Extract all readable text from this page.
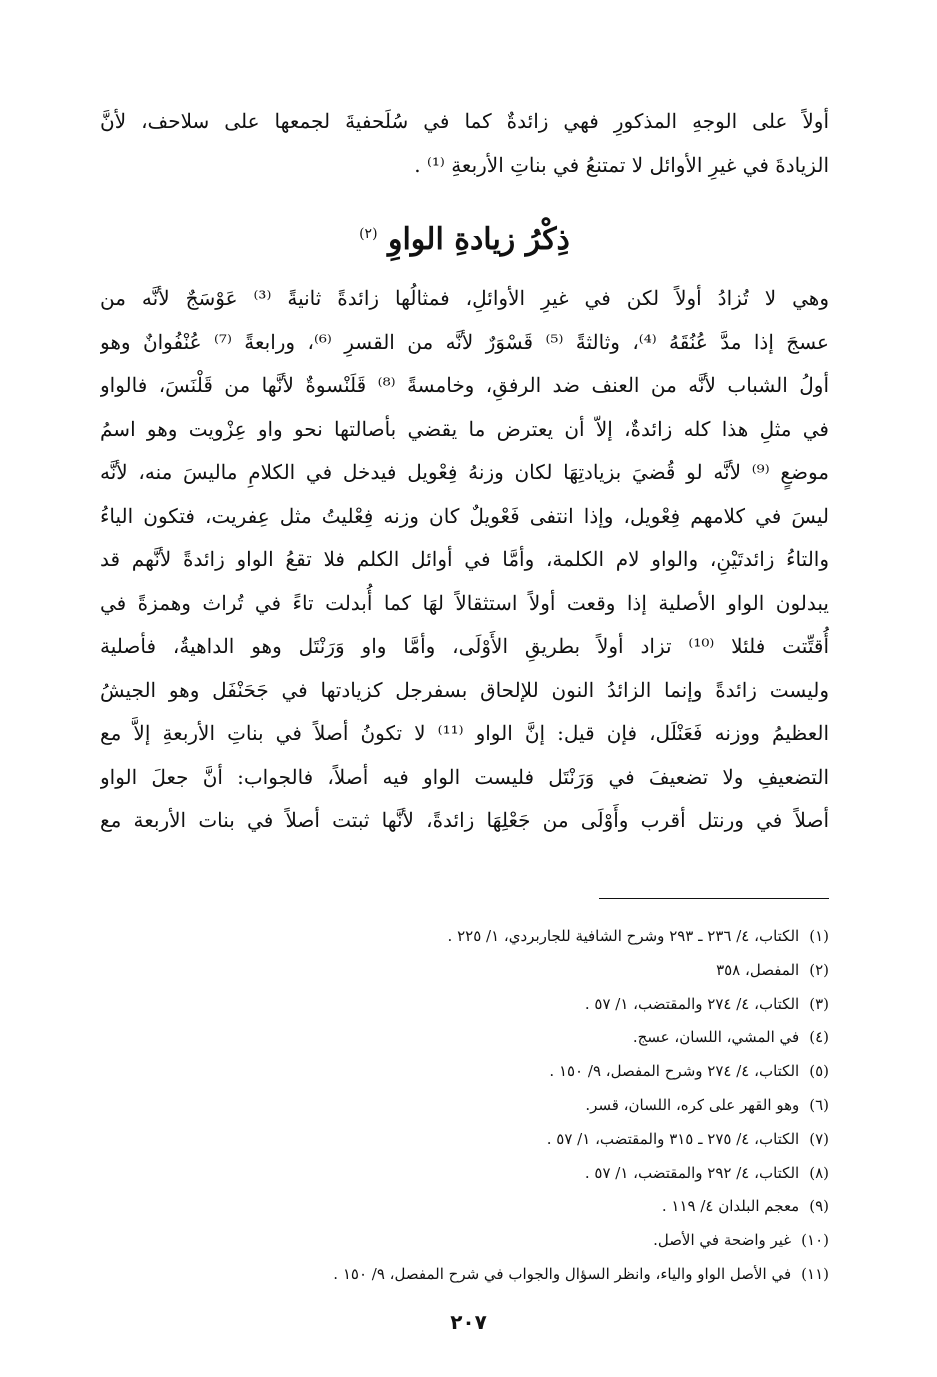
أولاً على الوجهِ المذكورِ فهي زائدةٌ كما في سُلَحفيةَ لجمعها على سلاحف، لأنَّ
الزيادةَ في غيرِ الأوائل لا تمتنعُ في بناتِ الأربعةِ ⁽¹⁾ .
ذِكْرُ زيادةِ الواوِ $^{(٢)}$
وهي لا تُزادُ أولاً لكن في غيرِ الأوائلِ، فمثالُها زائدةً ثانيةً ⁽³⁾ عَوْسَجٌ لأنَّه من
عسجَ إذا مدَّ عُنُقَهُ ⁽⁴⁾، وثالثةً ⁽⁵⁾ قَسْوَرٌ لأنَّه من القسرِ ⁽⁶⁾، ورابعةً ⁽⁷⁾ عُنْفُوانٌ وهو
أولُ الشباب لأنَّه من العنف ضد الرفقِ، وخامسةً ⁽⁸⁾ قَلَنْسوةٌ لأنَّها من قَلْنَسَ، فالواو
في مثلِ هذا كله زائدةٌ، إلاّ أن يعترض ما يقضي بأصالتها نحو واو عِزْويت وهو اسمُ
موضعٍ ⁽⁹⁾ لأنَّه لو قُضيَ بزيادتِهَا لكان وزنهُ فِعْويل فيدخل في الكلامِ ماليسَ منه، لأنَّه
ليسَ في كلامهم فِعْويل، وإذا انتفى فَعْويلٌ كان وزنه فِعْليتُ مثل عِفريت، فتكون الياءُ
والتاءُ زائدتَيْنِ، والواو لام الكلمة، وأمَّا في أوائل الكلم فلا تقعُ الواو زائدةً لأنَّهم قد
يبدلون الواو الأصلية إذا وقعت أولاً استثقالاً لهَا كما أُبدلت تاءً في تُراث وهمزةً في
أُقتِّتت فلئلا ⁽¹⁰⁾ تزاد أولاً بطريقِ الأَوْلَى، وأمَّا واو وَرَنْتَل وهو الداهيةُ، فأصلية
وليست زائدةً وإنما الزائدُ النون للإلحاق بسفرجل كزيادتها في جَحَنْفَل وهو الجيشُ
العظيمُ ووزنه فَعَنْلَل، فإن قيل: إنَّ الواو ⁽¹¹⁾ لا تكونُ أصلاً في بناتِ الأربعةِ إلاَّ مع
التضعيفِ ولا تضعيفَ في وَرَنْتَل فليست الواو فيه أصلاً، فالجواب: أنَّ جعلَ الواو
أصلاً في ورنتل أقرب وأَوْلَى من جَعْلِهَا زائدةً، لأنَّها ثبتت أصلاً في بنات الأربعة مع
(١)الكتاب، ٤/ ٢٣٦ ـ ٢٩٣ وشرح الشافية للجاربردي، ١/ ٢٢٥ .
(٢)المفصل، ٣٥٨
(٣)الكتاب، ٤/ ٢٧٤ والمقتضب، ١/ ٥٧ .
(٤)في المشي، اللسان، عسج.
(٥)الكتاب، ٤/ ٢٧٤ وشرح المفصل، ٩/ ١٥٠ .
(٦)وهو القهر على كره، اللسان، قسر.
(٧)الكتاب، ٤/ ٢٧٥ ـ ٣١٥ والمقتضب، ١/ ٥٧ .
(٨)الكتاب، ٤/ ٢٩٢ والمقتضب، ١/ ٥٧ .
(٩)معجم البلدان ٤/ ١١٩ .
(١٠)غير واضحة في الأصل.
(١١)في الأصل الواو والياء، وانظر السؤال والجواب في شرح المفصل، ٩/ ١٥٠ .
٢٠٧
